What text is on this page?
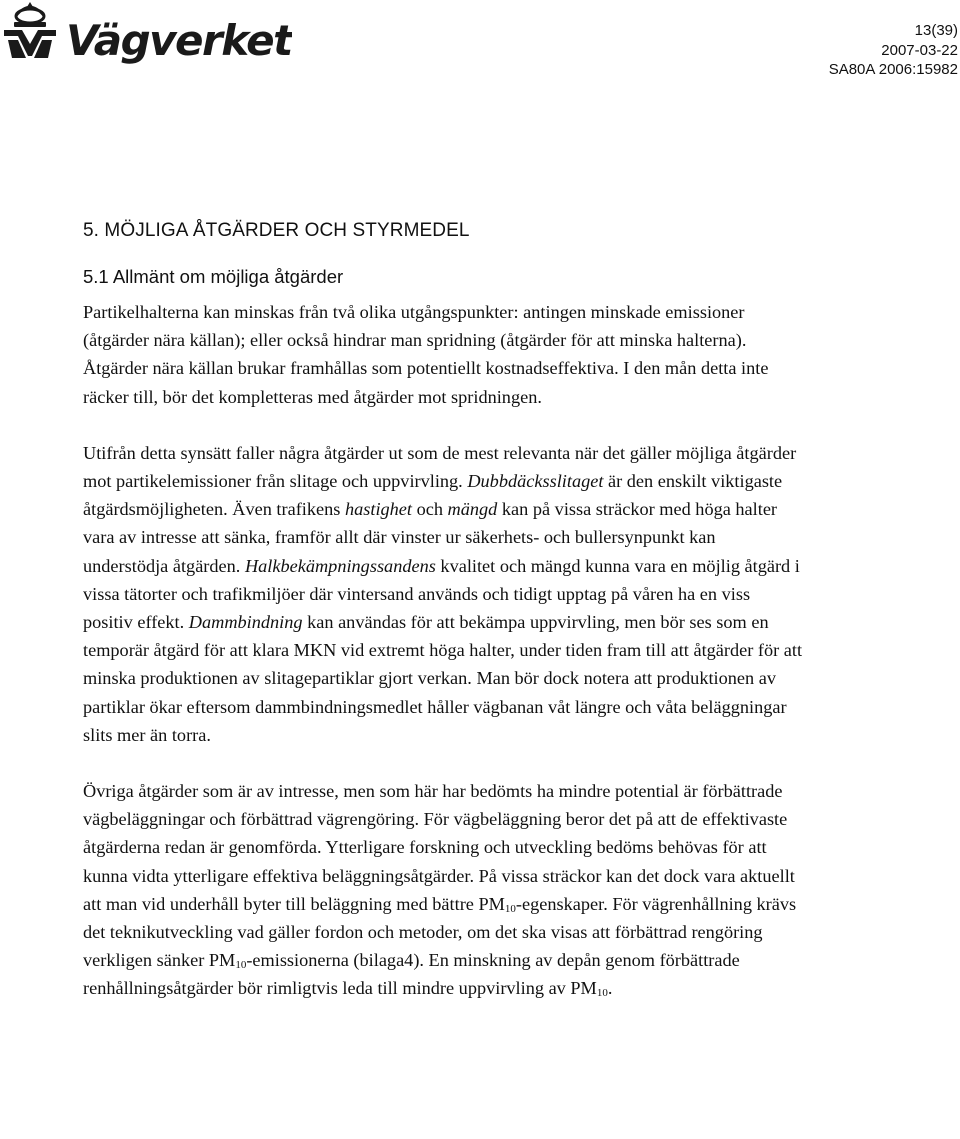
Vägverket	13(39)
2007-03-22
SA80A 2006:15982
5. MÖJLIGA ÅTGÄRDER OCH STYRMEDEL
5.1 Allmänt om möjliga åtgärder

Partikelhalterna kan minskas från två olika utgångspunkter: antingen minskade emissioner (åtgärder nära källan); eller också hindrar man spridning (åtgärder för att minska halterna). Åtgärder nära källan brukar framhållas som potentiellt kostnadseffektiva. I den mån detta inte räcker till, bör det kompletteras med åtgärder mot spridningen.

Utifrån detta synsätt faller några åtgärder ut som de mest relevanta när det gäller möjliga åtgärder mot partikelemissioner från slitage och uppvirvling. Dubbdäcksslitaget är den enskilt viktigaste åtgärdsmöjligheten. Även trafikens hastighet och mängd kan på vissa sträckor med höga halter vara av intresse att sänka, framför allt där vinster ur säkerhets- och bullersynpunkt kan understödja åtgärden. Halkbekämpningssandens kvalitet och mängd kunna vara en möjlig åtgärd i vissa tätorter och trafikmiljöer där vintersand används och tidigt upptag på våren ha en viss positiv effekt. Dammbindning kan användas för att bekämpa uppvirvling, men bör ses som en temporär åtgärd för att klara MKN vid extremt höga halter, under tiden fram till att åtgärder för att minska produktionen av slitagepartiklar gjort verkan. Man bör dock notera att produktionen av partiklar ökar eftersom dammbindningsmedlet håller vägbanan våt längre och våta beläggningar slits mer än torra.

Övriga åtgärder som är av intresse, men som här har bedömts ha mindre potential är förbättrade vägbeläggningar och förbättrad vägrengöring. För vägbeläggning beror det på att de effektivaste åtgärderna redan är genomförda. Ytterligare forskning och utveckling bedöms behövas för att kunna vidta ytterligare effektiva beläggningsåtgärder. På vissa sträckor kan det dock vara aktuellt att man vid underhåll byter till beläggning med bättre $PM_{10}$-egenskaper. För vägrenhållning krävs det teknikutveckling vad gäller fordon och metoder, om det ska visas att förbättrad rengöring verkligen sänker $PM_{10}$-emissionerna (bilaga4). En minskning av depån genom förbättrade renhållningsåtgärder bör rimligtvis leda till mindre uppvirvling av $PM_{10}$.
